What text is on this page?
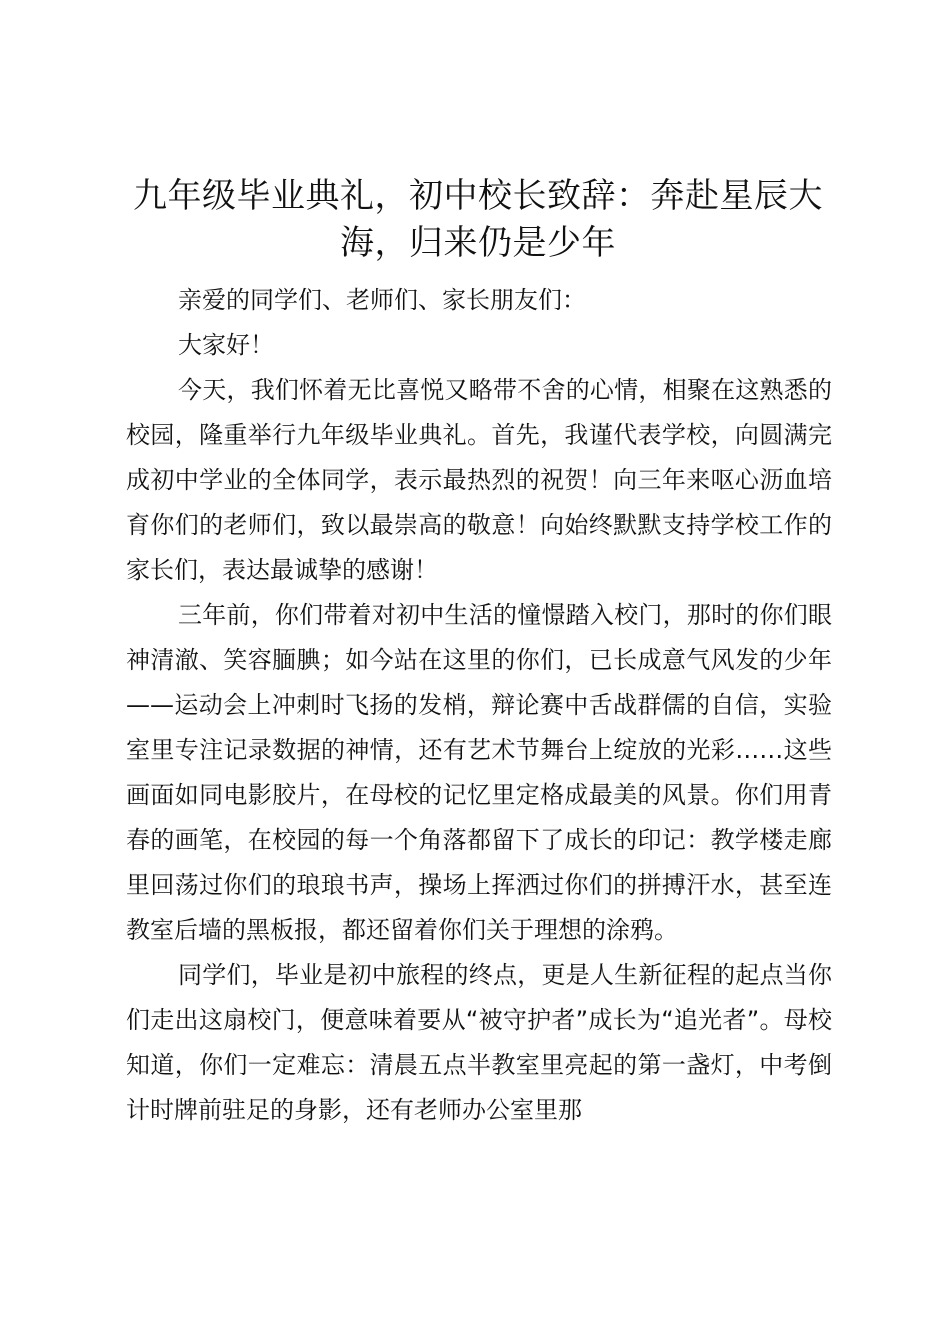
九年级毕业典礼，初中校长致辞：奔赴星辰大海，归来仍是少年

亲爱的同学们、老师们、家长朋友们：

大家好！

今天，我们怀着无比喜悦又略带不舍的心情，相聚在这熟悉的校园，隆重举行九年级毕业典礼。首先，我谨代表学校，向圆满完成初中学业的全体同学，表示最热烈的祝贺！向三年来呕心沥血培育你们的老师们，致以最崇高的敬意！向始终默默支持学校工作的家长们，表达最诚挚的感谢！

三年前，你们带着对初中生活的憧憬踏入校门，那时的你们眼神清澈、笑容腼腆；如今站在这里的你们，已长成意气风发的少年——运动会上冲刺时飞扬的发梢，辩论赛中舌战群儒的自信，实验室里专注记录数据的神情，还有艺术节舞台上绽放的光彩……这些画面如同电影胶片，在母校的记忆里定格成最美的风景。你们用青春的画笔，在校园的每一个角落都留下了成长的印记：教学楼走廊里回荡过你们的琅琅书声，操场上挥洒过你们的拼搏汗水，甚至连教室后墙的黑板报，都还留着你们关于理想的涂鸦。

同学们，毕业是初中旅程的终点，更是人生新征程的起点当你们走出这扇校门，便意味着要从“被守护者”成长为“追光者”。母校知道，你们一定难忘：清晨五点半教室里亮起的第一盏灯，中考倒计时牌前驻足的身影，还有老师办公室里那
